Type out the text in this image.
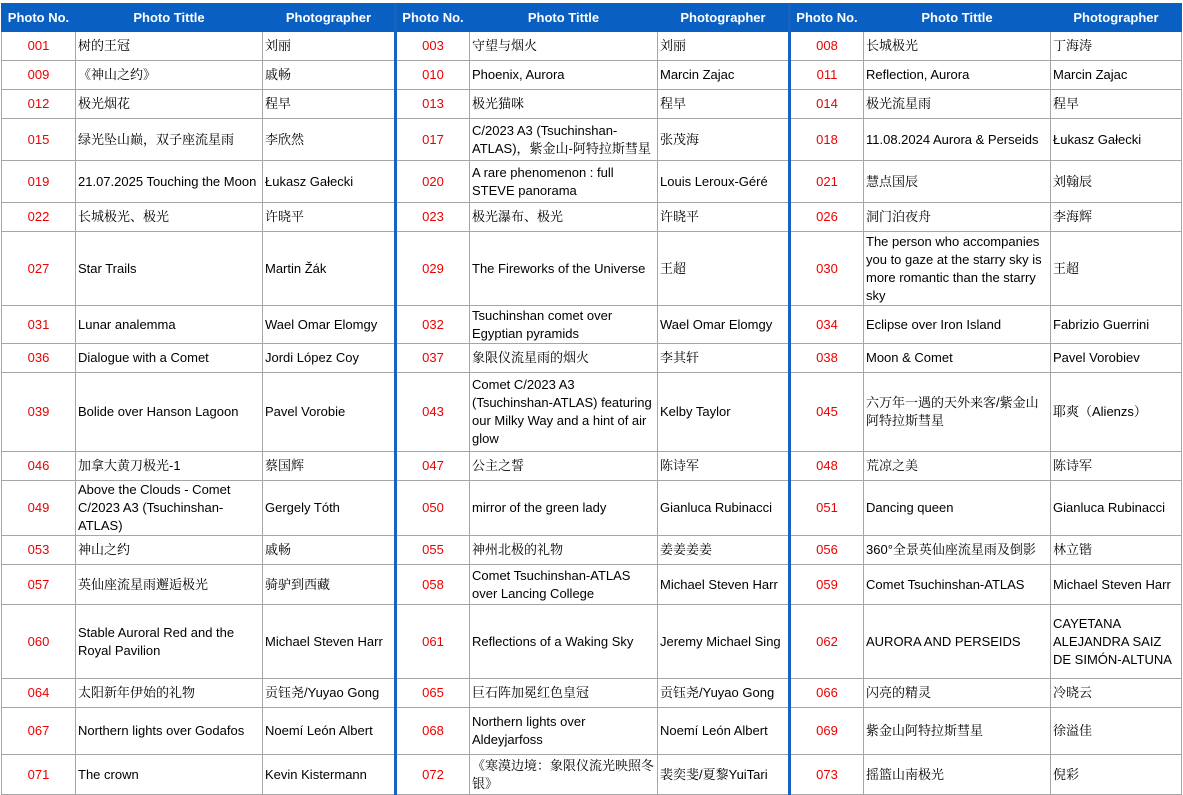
Photo No.	Photo Tittle	Photographer	Photo No.	Photo Tittle	Photographer	Photo No.	Photo Tittle	Photographer
001	树的王冠	刘丽	003	守望与烟火	刘丽	008	长城极光	丁海涛
009	《神山之约》	戚畅	010	Phoenix, Aurora	Marcin Zajac	011	Reflection, Aurora	Marcin Zajac
012	极光烟花	程早	013	极光猫咪	程早	014	极光流星雨	程早
015	绿光坠山巅，双子座流星雨	李欣然	017	C/2023 A3 (Tsuchinshan-ATLAS)，紫金山-阿特拉斯彗星	张茂海	018	11.08.2024 Aurora & Perseids	Łukasz Gałecki
019	21.07.2025 Touching the Moon	Łukasz Gałecki	020	A rare phenomenon : full STEVE panorama	Louis Leroux-Géré	021	慧点国辰	刘翰辰
022	长城极光、极光	许晓平	023	极光瀑布、极光	许晓平	026	洞门泊夜舟	李海辉
027	Star Trails	Martin Žák	029	The Fireworks of the Universe	王超	030	The person who accompanies you to gaze at the starry sky is more romantic than the starry sky	王超
031	Lunar analemma	Wael Omar Elomgy	032	Tsuchinshan comet over Egyptian pyramids	Wael Omar Elomgy	034	Eclipse over Iron Island	Fabrizio Guerrini
036	Dialogue with a Comet	Jordi López Coy	037	象限仪流星雨的烟火	李其轩	038	Moon & Comet	Pavel Vorobiev
039	Bolide over Hanson Lagoon	Pavel Vorobie	043	Comet C/2023 A3 (Tsuchinshan-ATLAS) featuring our Milky Way and a hint of air glow	Kelby Taylor	045	六万年一遇的天外来客/紫金山阿特拉斯彗星	耶爽（Alienzs）
046	加拿大黄刀极光-1	蔡国辉	047	公主之誓	陈诗军	048	荒凉之美	陈诗军
049	Above the Clouds - Comet C/2023 A3 (Tsuchinshan-ATLAS)	Gergely Tóth	050	mirror of the green lady	Gianluca Rubinacci	051	Dancing queen	Gianluca Rubinacci
053	神山之约	戚畅	055	神州北极的礼物	姜姜姜姜	056	360°全景英仙座流星雨及倒影	林立锴
057	英仙座流星雨邂逅极光	骑驴到西藏	058	Comet Tsuchinshan-ATLAS over Lancing College	Michael Steven Harr	059	Comet Tsuchinshan-ATLAS	Michael Steven Harr
060	Stable Auroral Red and the Royal Pavilion	Michael Steven Harr	061	Reflections of a Waking Sky	Jeremy Michael Sing	062	AURORA AND PERSEIDS	CAYETANA ALEJANDRA SAIZ DE SIMÓN-ALTUNA
064	太阳新年伊始的礼物	贡钰尧/Yuyao Gong	065	巨石阵加冕红色皇冠	贡钰尧/Yuyao Gong	066	闪亮的精灵	冷晓云
067	Northern lights over Godafos	Noemí León Albert	068	Northern lights over Aldeyjarfoss	Noemí León Albert	069	紫金山阿特拉斯彗星	徐溢佳
071	The crown	Kevin Kistermann	072	《寒漠边境：象限仪流光映照冬银》	裴奕斐/夏黎YuiTari	073	摇篮山南极光	倪彩
